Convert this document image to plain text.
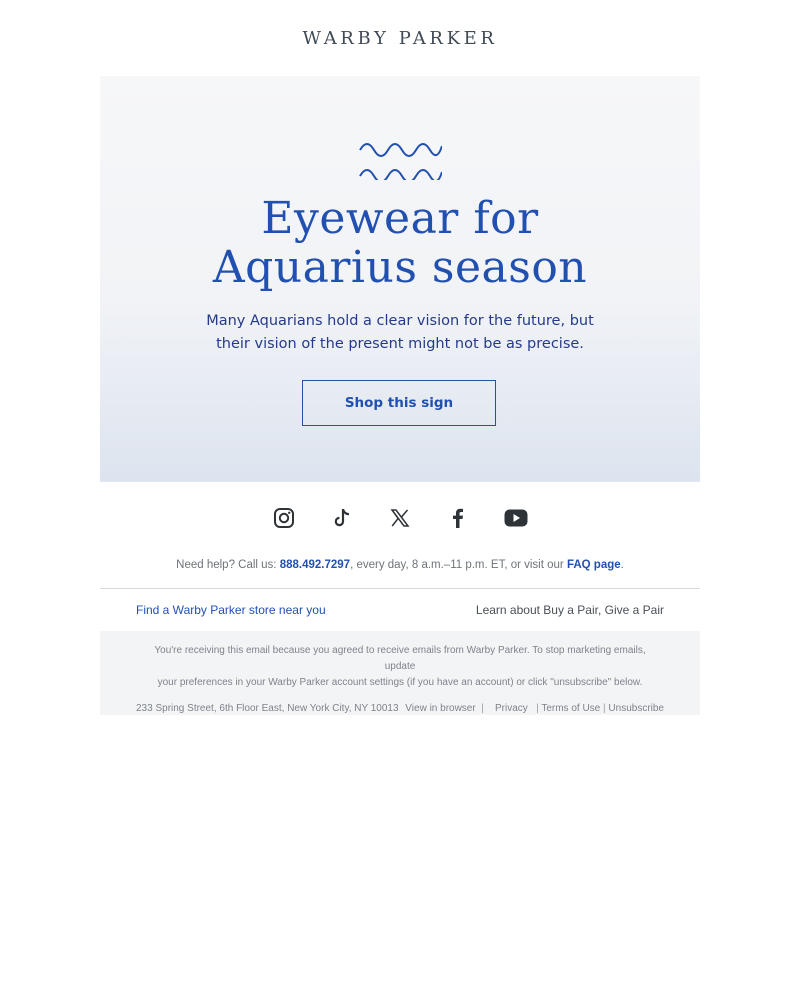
WARBY PARKER
Eyewear for
Aquarius season
Many Aquarians hold a clear vision for the future, but
their vision of the present might not be as precise.
Shop this sign
Need help? Call us: 888.492.7297, every day, 8 a.m.–11 p.m. ET, or visit our FAQ page.
Find a Warby Parker store near you	Learn about Buy a Pair, Give a Pair

You're receiving this email because you agreed to receive emails from Warby Parker. To stop marketing emails, update

your preferences in your Warby Parker account settings (if you have an account) or click "unsubscribe" below.

233 Spring Street, 6th Floor East, New York City, NY 10013 View in browser  |    Privacy   | Terms of Use | Unsubscribe
